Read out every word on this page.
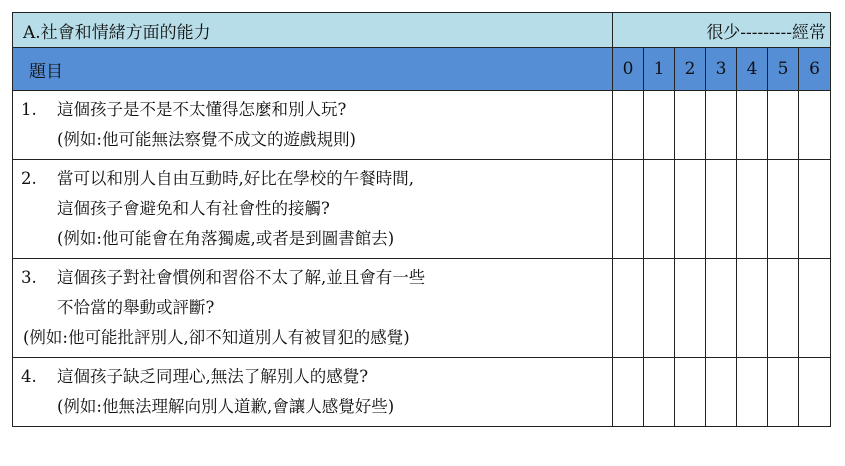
A.社會和情緒方面的能力	很少---------經常						
題目	0	1	2	3	4	5	6

1. 這個孩子是不是不太懂得怎麼和別人玩?
(例如:他可能無法察覺不成文的遊戲規則)							

2. 當可以和別人自由互動時,好比在學校的午餐時間,
這個孩子會避免和人有社會性的接觸?
(例如:他可能會在角落獨處,或者是到圖書館去)							

3. 這個孩子對社會慣例和習俗不太了解,並且會有一些
不恰當的舉動或評斷?
(例如:他可能批評別人,卻不知道別人有被冒犯的感覺)							

4. 這個孩子缺乏同理心,無法了解別人的感覺?
(例如:他無法理解向別人道歉,會讓人感覺好些)							
